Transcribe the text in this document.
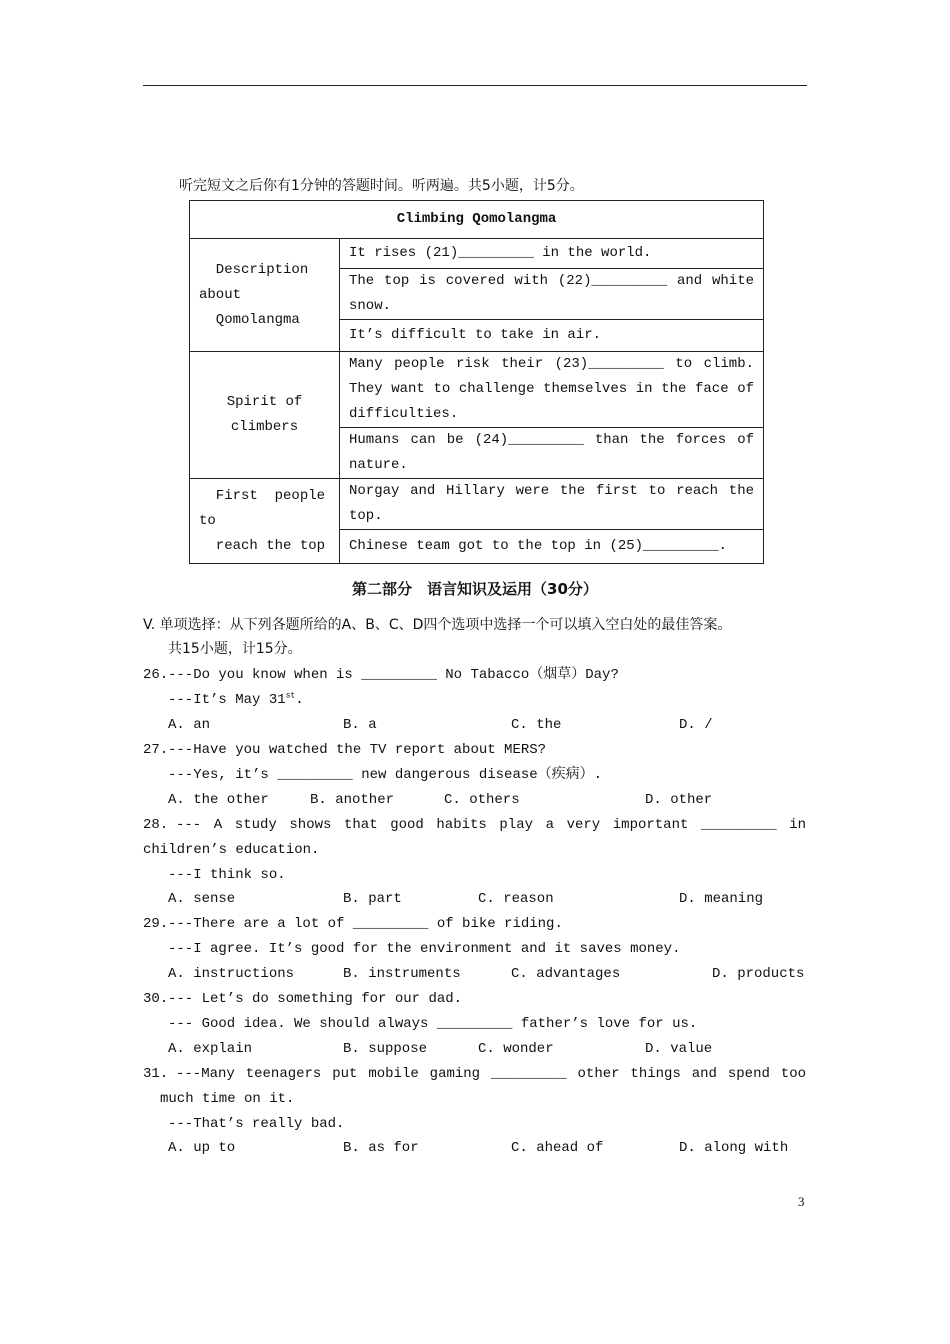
听完短文之后你有1分钟的答题时间。听两遍。共5小题，计5分。
Climbing Qomolangma	

Description
about
Qomolangma	It rises (21)_________ in the world.
	The top is covered with (22)_________ and white snow.
	It’s difficult to take in air.

Spirit of
climbers	Many people risk their (23)_________ to climb. They want to challenge themselves in the face of difficulties.
	Humans can be (24)_________ than the forces of nature.

First  people
to
reach the top	Norgay and Hillary were the first to reach the top.
	Chinese team got to the top in (25)_________.
第二部分　语言知识及运用（30分）
V. 单项选择：从下列各题所给的A、B、C、D四个选项中选择一个可以填入空白处的最佳答案。
共15小题，计15分。
26. ---Do you know when is _________ No Tabacco（烟草）Day?
---It’s May 31st.
A. an	B. a	C. the	D. /
27. ---Have you watched the TV report about MERS?
---Yes, it’s _________ new dangerous disease（疾病）.
A. the other	B. another	C. others	D. other
28. --- A study shows that good habits play a very important _________ in
children’s education.
---I think so.
A. sense	B. part	C. reason	D. meaning
29. ---There are a lot of _________ of bike riding.
---I agree. It’s good for the environment and it saves money.
A. instructions	B. instruments	C. advantages	D. products
30. --- Let’s do something for our dad.
--- Good idea. We should always _________ father’s love for us.
A. explain	B. suppose	C. wonder	D. value
31. ---Many teenagers put mobile gaming _________ other things and spend too
much time on it.
---That’s really bad.
A. up to	B. as for	C. ahead of	D. along with
3
